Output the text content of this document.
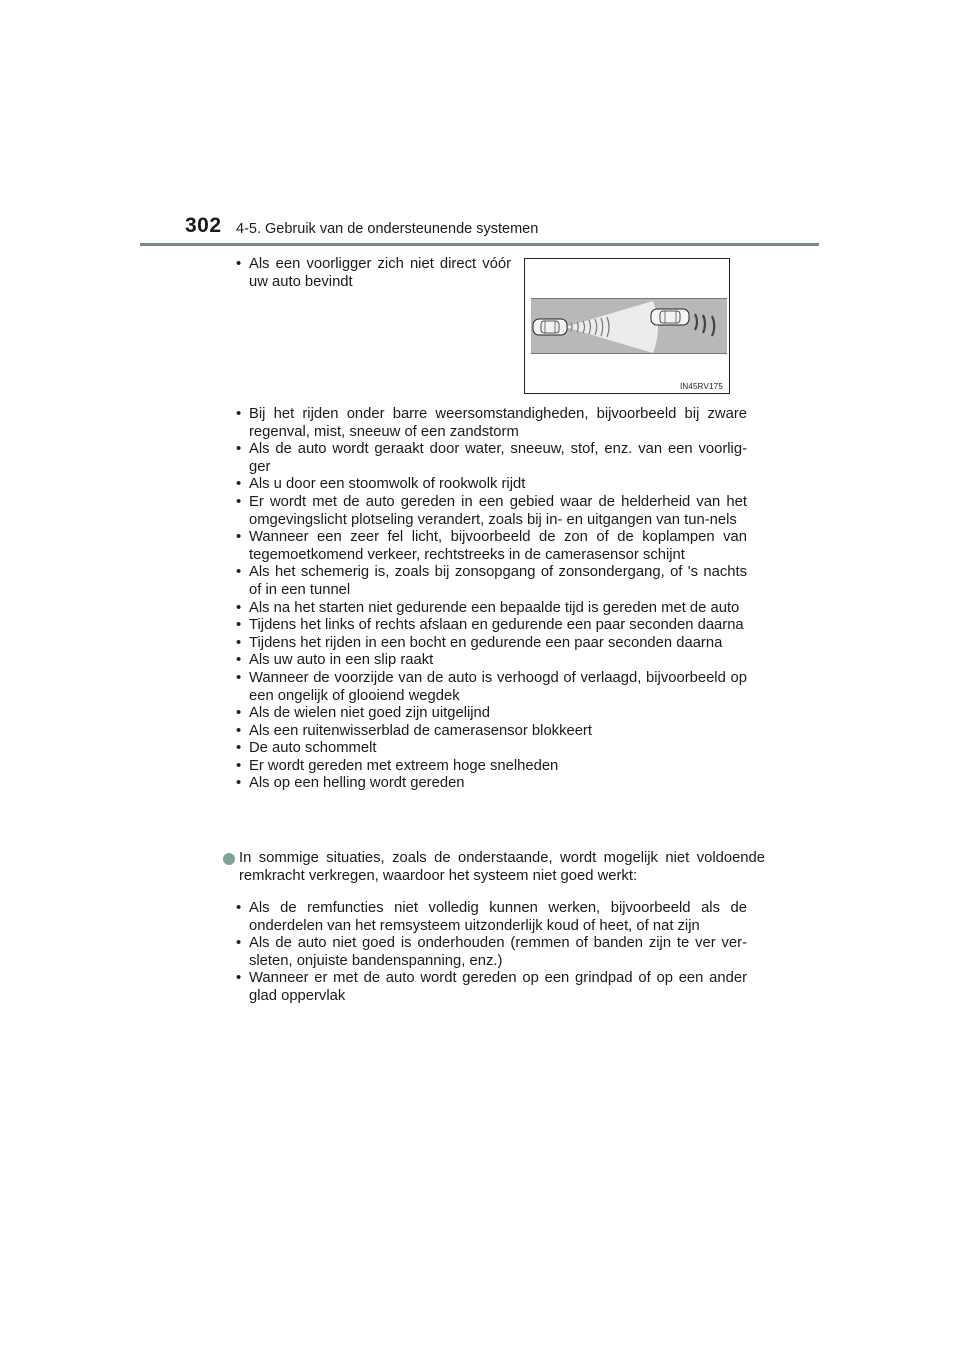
302 4-5. Gebruik van de ondersteunende systemen
• Als een voorligger zich niet direct vóór uw auto bevindt
IN45RV175
• Bij het rijden onder barre weersomstandigheden, bijvoorbeeld bij zware regenval, mist, sneeuw of een zandstorm
• Als de auto wordt geraakt door water, sneeuw, stof, enz. van een voorlig-ger
• Als u door een stoomwolk of rookwolk rijdt
• Er wordt met de auto gereden in een gebied waar de helderheid van het omgevingslicht plotseling verandert, zoals bij in- en uitgangen van tun-nels
• Wanneer een zeer fel licht, bijvoorbeeld de zon of de koplampen van tegemoetkomend verkeer, rechtstreeks in de camerasensor schijnt
• Als het schemerig is, zoals bij zonsopgang of zonsondergang, of 's nachts of in een tunnel
• Als na het starten niet gedurende een bepaalde tijd is gereden met de auto
• Tijdens het links of rechts afslaan en gedurende een paar seconden daarna
• Tijdens het rijden in een bocht en gedurende een paar seconden daarna
• Als uw auto in een slip raakt
• Wanneer de voorzijde van de auto is verhoogd of verlaagd, bijvoorbeeld op een ongelijk of glooiend wegdek
• Als de wielen niet goed zijn uitgelijnd
• Als een ruitenwisserblad de camerasensor blokkeert
• De auto schommelt
• Er wordt gereden met extreem hoge snelheden
• Als op een helling wordt gereden
In sommige situaties, zoals de onderstaande, wordt mogelijk niet voldoende remkracht verkregen, waardoor het systeem niet goed werkt:
• Als de remfuncties niet volledig kunnen werken, bijvoorbeeld als de onderdelen van het remsysteem uitzonderlijk koud of heet, of nat zijn
• Als de auto niet goed is onderhouden (remmen of banden zijn te ver ver-sleten, onjuiste bandenspanning, enz.)
• Wanneer er met de auto wordt gereden op een grindpad of op een ander glad oppervlak
